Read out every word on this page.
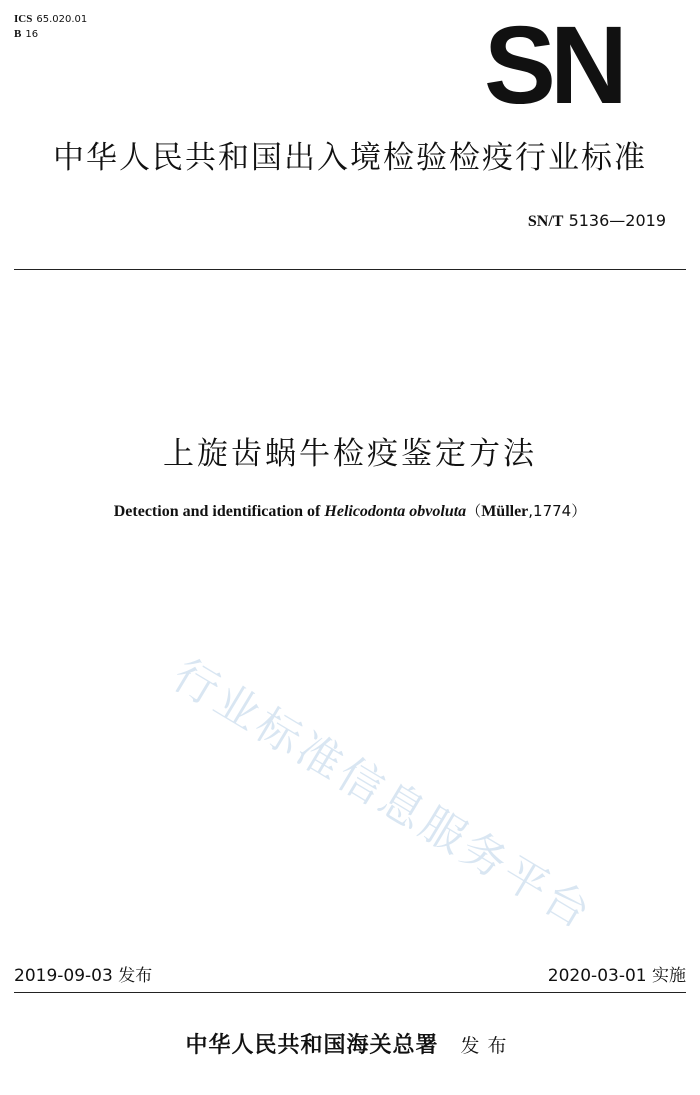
ICS 65.020.01
B 16	SN
中华人民共和国出入境检验检疫行业标准
SN/T 5136—2019
上旋齿蜗牛检疫鉴定方法
Detection and identification of Helicodonta obvoluta（Müller,1774）
行业标准信息服务平台
2019-09-03 发布	2020-03-01 实施
中华人民共和国海关总署 发布
